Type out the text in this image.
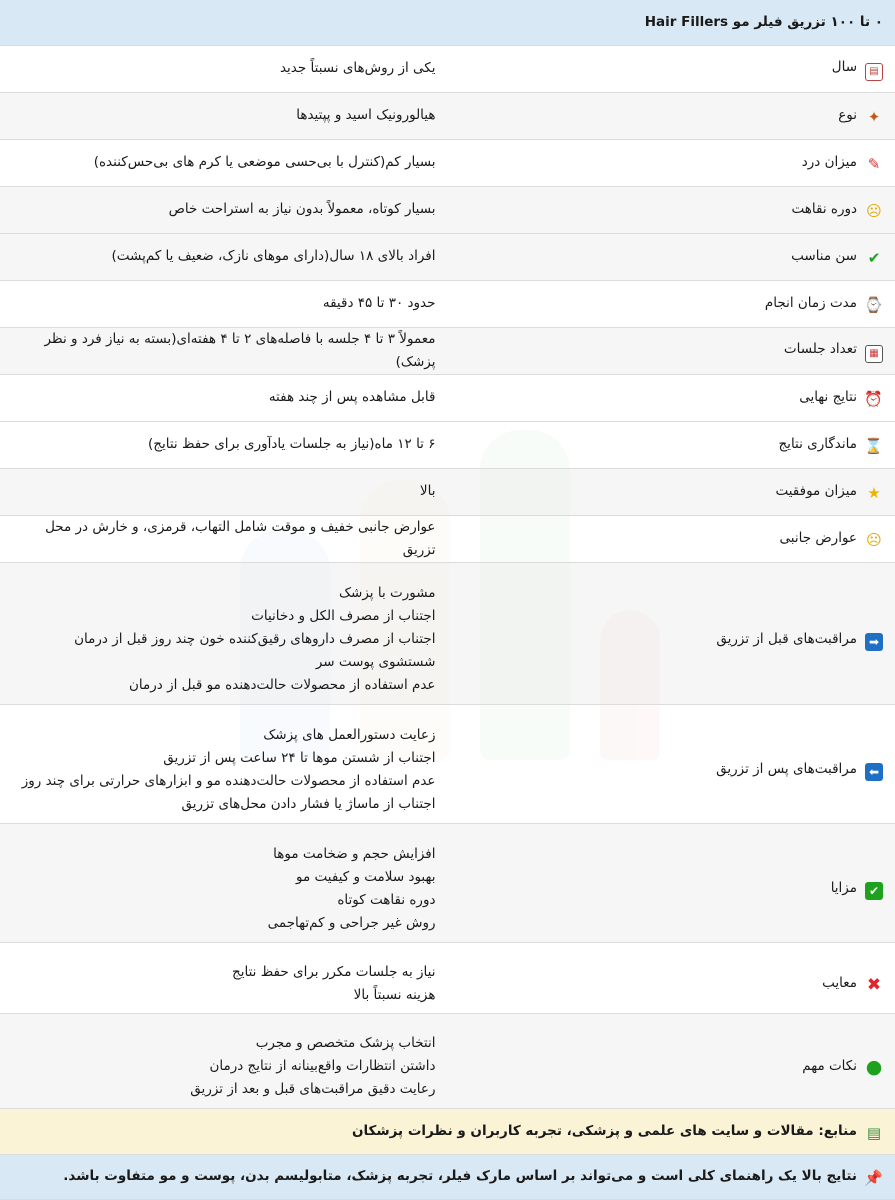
۰ تا ۱۰۰ تزریق فیلر مو Hair Fillers	
▤سال	یکی از روش‌های نسبتاً جدید
✦نوع	هیالورونیک اسید و پپتیدها
✎میزان درد	بسیار کم(کنترل با بی‌حسی موضعی یا کرم های بی‌حس‌کننده)
☹دوره نقاهت	بسیار کوتاه، معمولاً بدون نیاز به استراحت خاص
✔سن مناسب	افراد بالای ۱۸ سال(دارای موهای نازک، ضعیف یا کم‌پشت)
⌚مدت زمان انجام	حدود ۳۰ تا ۴۵ دقیقه
▦تعداد جلسات	معمولاً ۳ تا ۴ جلسه با فاصله‌های ۲ تا ۴ هفته‌ای(بسته به نیاز فرد و نظر پزشک)
⏰نتایج نهایی	قابل مشاهده پس از چند هفته
⌛ماندگاری نتایج	۶ تا ۱۲ ماه(نیاز به جلسات یادآوری برای حفظ نتایج)
★میزان موفقیت	بالا
☹عوارض جانبی	عوارض جانبی خفیف و موقت شامل التهاب، قرمزی، و خارش در محل تزریق
➡مراقبت‌های قبل از تزریق	مشورت با پزشک
اجتناب از مصرف الکل و دخانیات
اجتناب از مصرف داروهای رقیق‌کننده خون چند روز قبل از درمان
شستشوی پوست سر
عدم استفاده از محصولات حالت‌دهنده مو قبل از درمان

⬅مراقبت‌های پس از تزریق	زعایت دستورالعمل های پزشک
اجتناب از شستن موها تا ۲۴ ساعت پس از تزریق
عدم استفاده از محصولات حالت‌دهنده مو و ابزارهای حرارتی برای چند روز
اجتناب از ماساژ یا فشار دادن محل‌های تزریق

✔مزایا	افزایش حجم و ضخامت موها
بهبود سلامت و کیفیت مو
دوره نقاهت کوتاه
روش غیر جراحی و کم‌تهاجمی

✖معایب	نیاز به جلسات مکرر برای حفظ نتایج
هزینه نسبتاً بالا

●نکات مهم	انتخاب پزشک متخصص و مجرب
داشتن انتظارات واقع‌بینانه از نتایج درمان
رعایت دقیق مراقبت‌های قبل و بعد از تزریق

▤منابع: مقالات و سایت های علمی و پزشکی، تجربه کاربران و نظرات پزشکان	
📌نتایج بالا یک راهنمای کلی است و می‌تواند بر اساس مارک فیلر، تجربه پزشک، متابولیسم بدن، پوست و مو متفاوت باشد.	
